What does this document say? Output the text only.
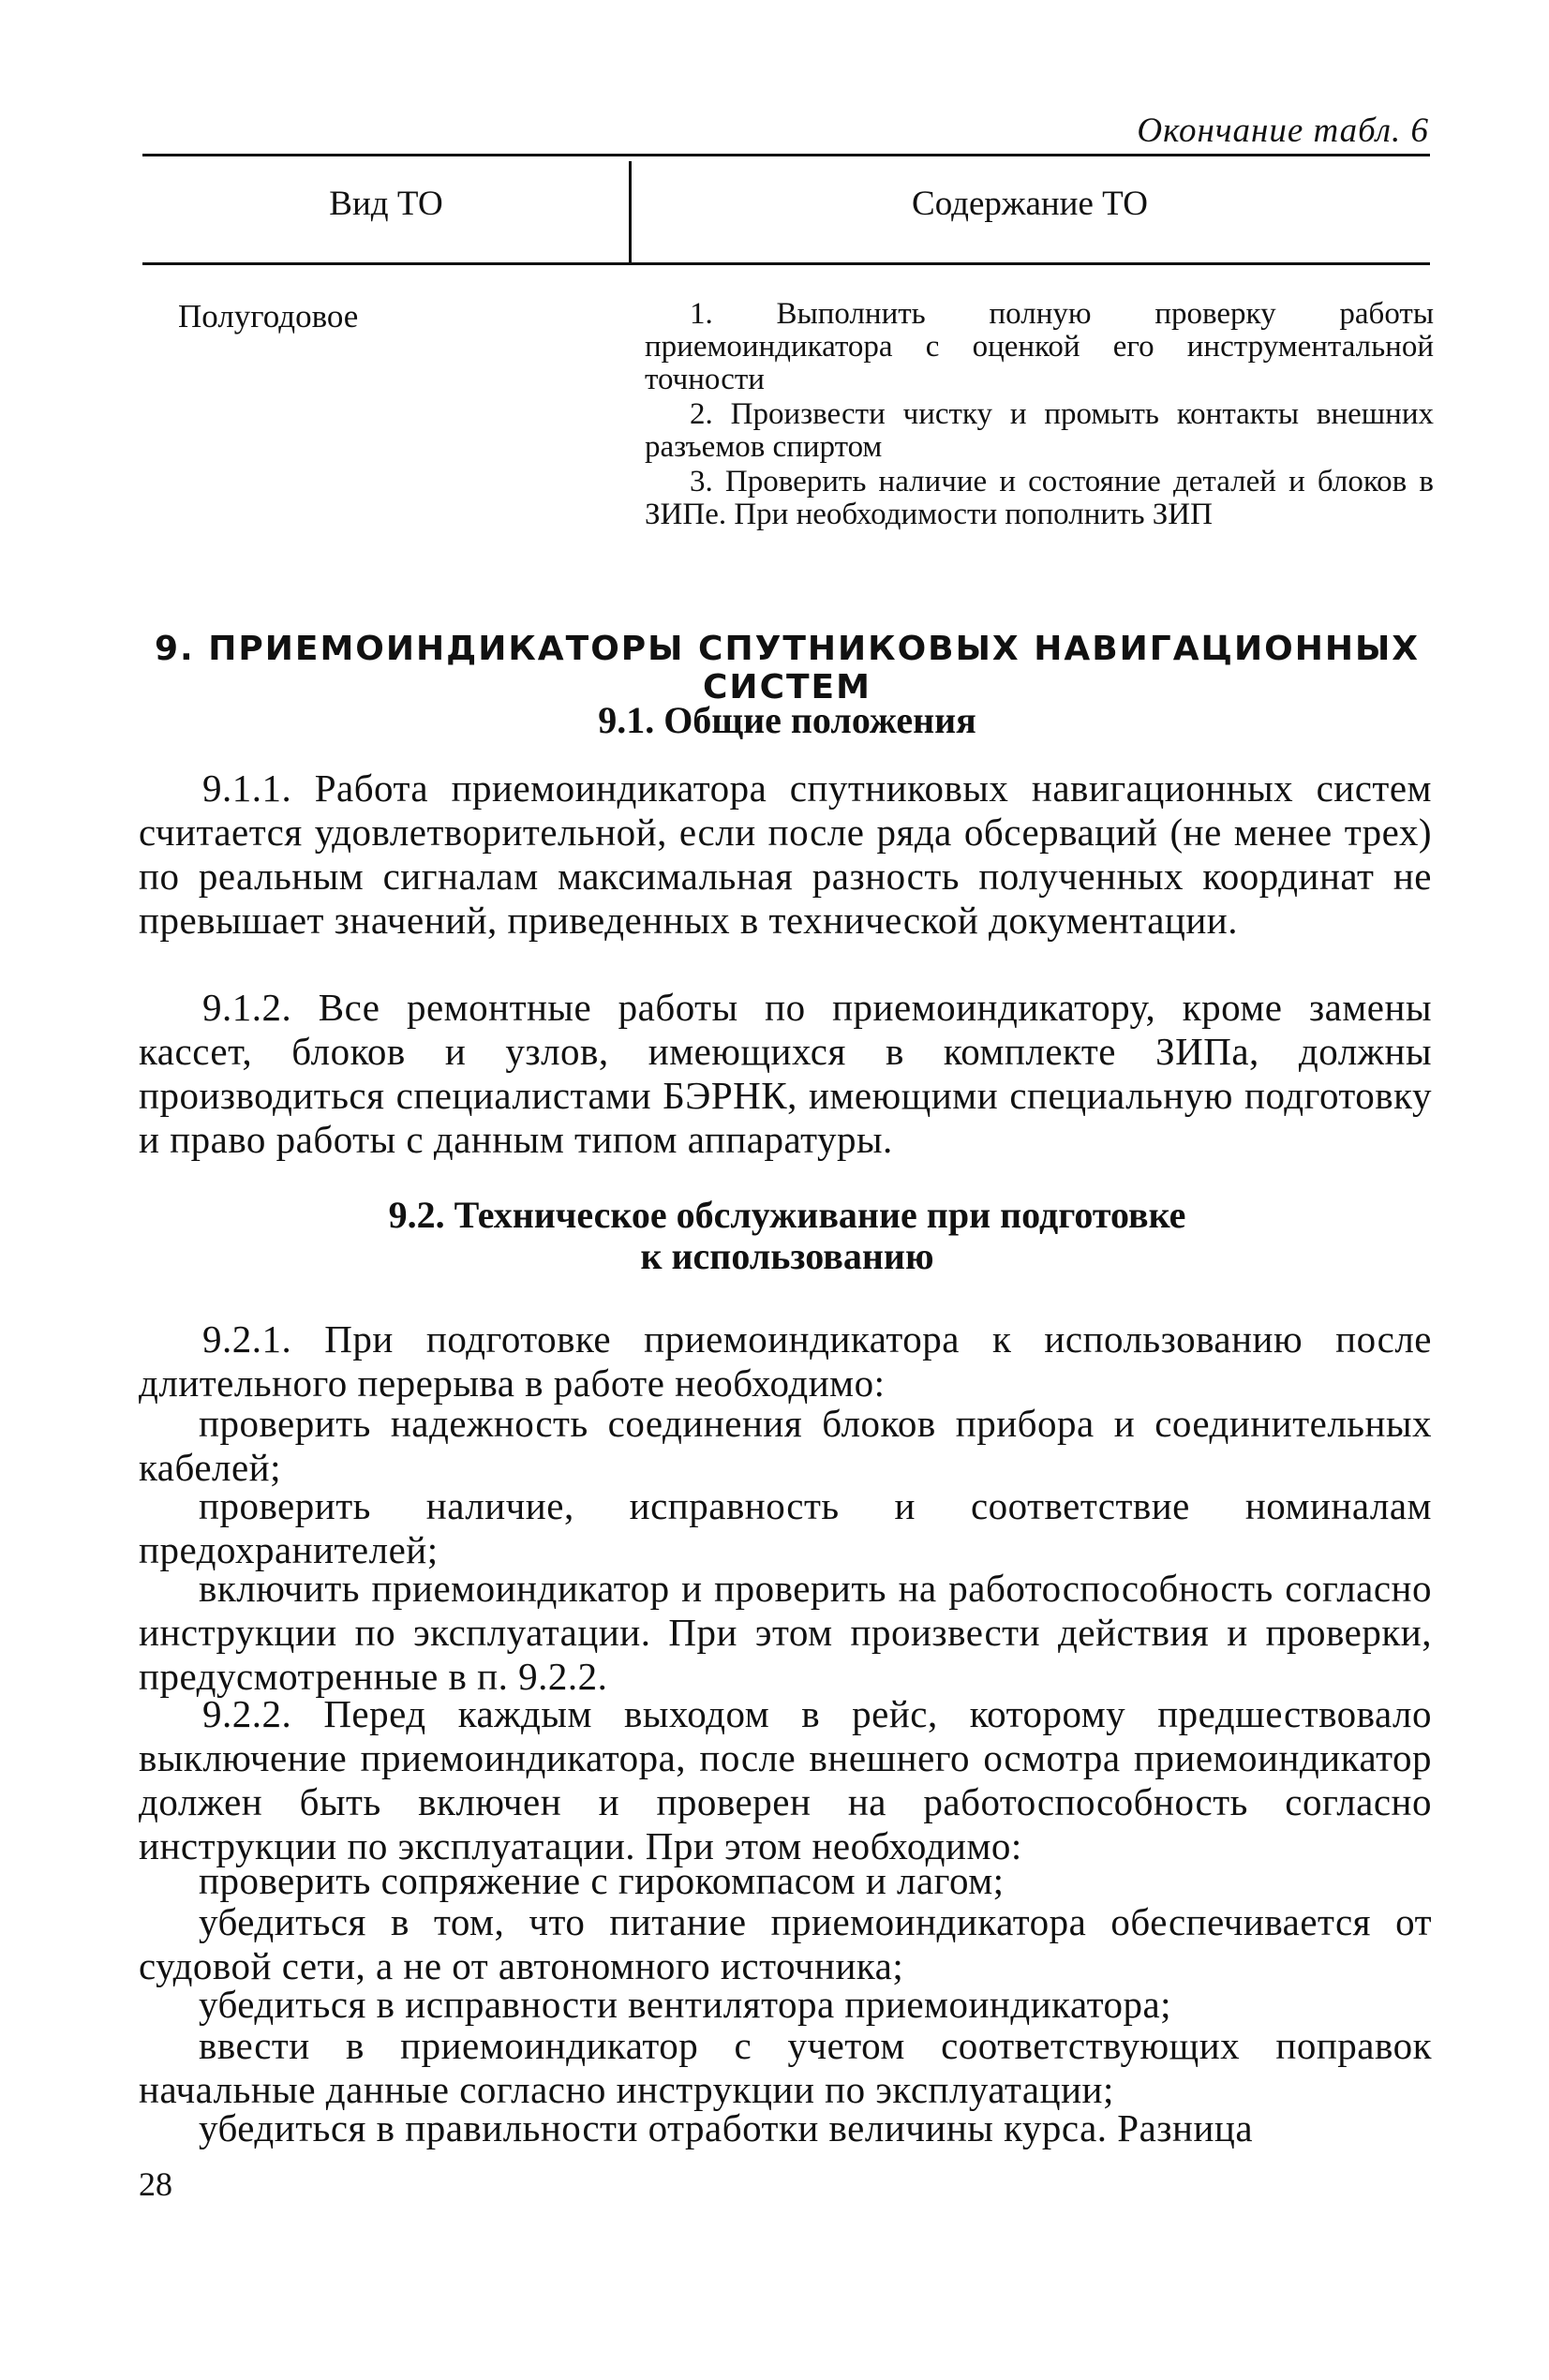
Окончание табл. 6
Вид ТО	Содержание ТО
Полугодовое	1. Выполнить полную проверку работы приемоиндикатора с оценкой его инструментальной точности
2. Произвести чистку и промыть контакты внешних разъемов спиртом
3. Проверить наличие и состояние деталей и блоков в ЗИПе. При необходимости пополнить ЗИП
9. ПРИЕМОИНДИКАТОРЫ СПУТНИКОВЫХ НАВИГАЦИОННЫХ СИСТЕМ
9.1. Общие положения

9.1.1. Работа приемоиндикатора спутниковых навигационных систем считается удовлетворительной, если после ряда обсерваций (не менее трех) по реальным сигналам максимальная разность полученных координат не превышает значений, приведенных в технической документации.

9.1.2. Все ремонтные работы по приемоиндикатору, кроме замены кассет, блоков и узлов, имеющихся в комплекте ЗИПа, должны производиться специалистами БЭРНК, имеющими специальную подготовку и право работы с данным типом аппаратуры.

9.2. Техническое обслуживание при подготовке
к использованию

9.2.1. При подготовке приемоиндикатора к использованию после длительного перерыва в работе необходимо:

проверить надежность соединения блоков прибора и соединительных кабелей;

проверить наличие, исправность и соответствие номиналам предохранителей;

включить приемоиндикатор и проверить на работоспособность согласно инструкции по эксплуатации. При этом произвести действия и проверки, предусмотренные в п. 9.2.2.

9.2.2. Перед каждым выходом в рейс, которому предшествовало выключение приемоиндикатора, после внешнего осмотра приемоиндикатор должен быть включен и проверен на работоспособность согласно инструкции по эксплуатации. При этом необходимо:

проверить сопряжение с гирокомпасом и лагом;

убедиться в том, что питание приемоиндикатора обеспечивается от судовой сети, а не от автономного источника;

убедиться в исправности вентилятора приемоиндикатора;

ввести в приемоиндикатор с учетом соответствующих поправок начальные данные согласно инструкции по эксплуатации;

убедиться в правильности отработки величины курса. Разница

28
